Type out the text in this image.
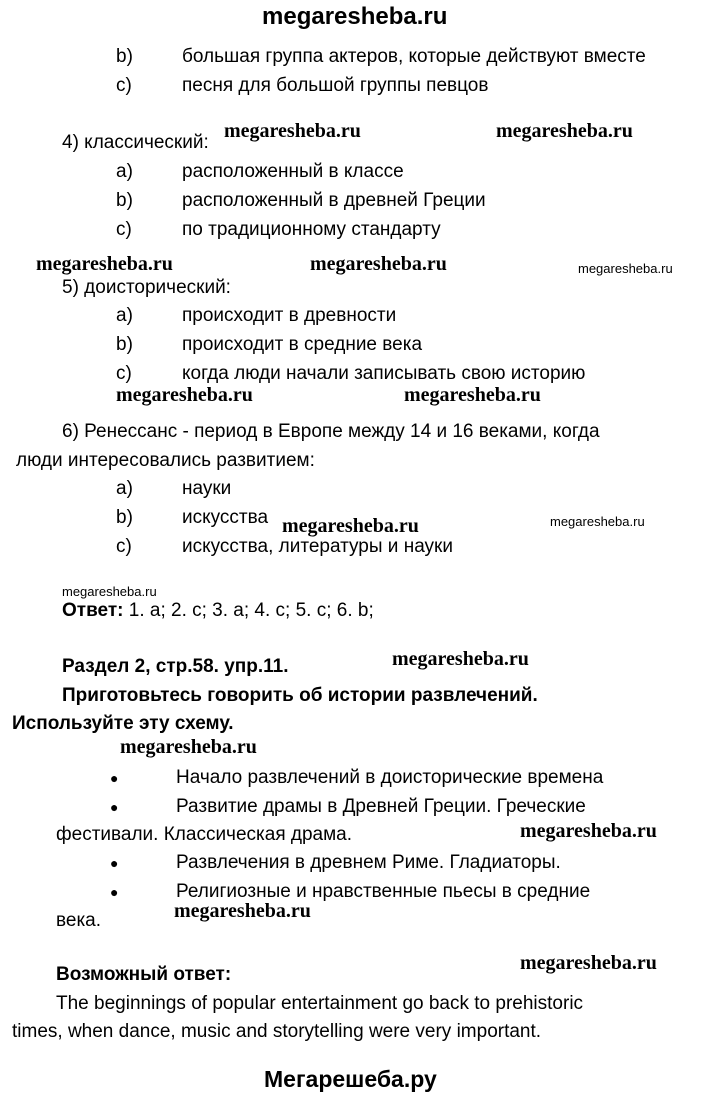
megaresheba.ru
b)	большая группа актеров, которые действуют вместе
c)	песня для большой группы певцов
4) классический:
megaresheba.ru	megaresheba.ru
a)	расположенный в классе
b)	расположенный в древней Греции
c)	по традиционному стандарту
megaresheba.ru	megaresheba.ru	megaresheba.ru
5) доисторический:
a)	происходит в древности
b)	происходит в средние века
c)	когда люди начали записывать свою историю
megaresheba.ru	megaresheba.ru
6) Ренессанс - период в Европе между 14 и 16 веками, когда
люди интересовались развитием:
a)	науки
b)	искусства megaresheba.ru	megaresheba.ru
c)	искусства, литературы и науки
megaresheba.ru
Ответ: 1. a; 2. c; 3. a; 4. c; 5. c; 6. b;
Раздел 2, стр.58. упр.11.	megaresheba.ru
Приготовьтесь говорить об истории развлечений.
Используйте эту схему.
megaresheba.ru
●	Начало развлечений в доисторические времена
●	Развитие драмы в Древней Греции. Греческие
фестивали. Классическая драма.	megaresheba.ru
●	Развлечения в древнем Риме. Гладиаторы.
●	Религиозные и нравственные пьесы в средние
века.	megaresheba.ru
megaresheba.ru
Возможный ответ:
The beginnings of popular entertainment go back to prehistoric
times, when dance, music and storytelling were very important.
Мегарешеба.ру
